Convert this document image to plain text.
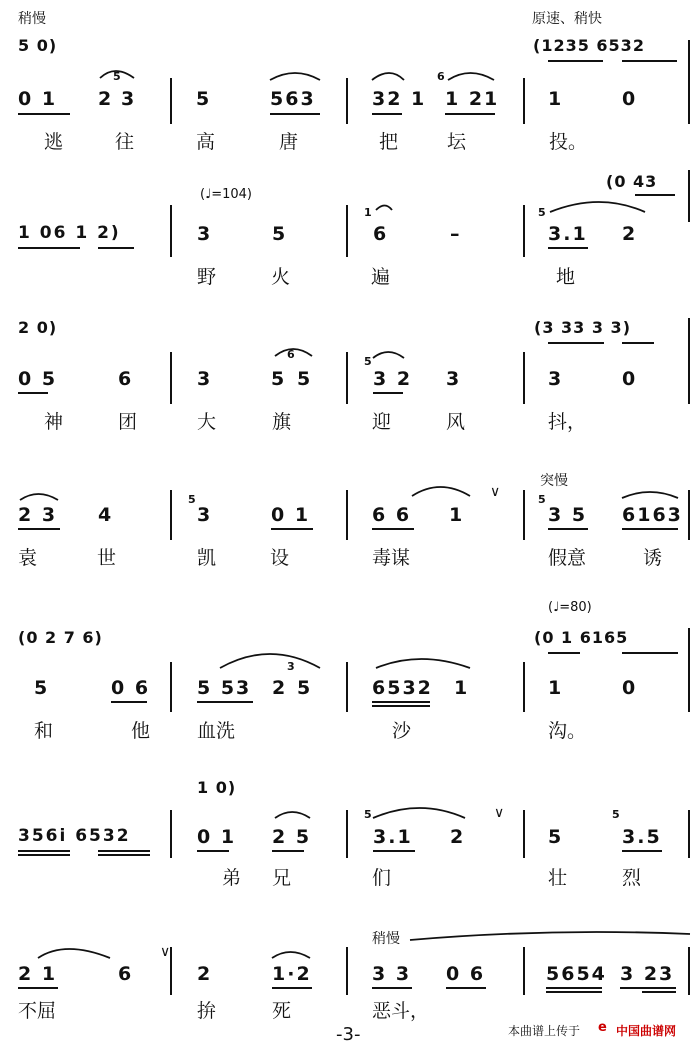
稍慢	原速、稍快
5 0)	(1235 6532
5	6
0 1 2 3	5	563	32 1 1 21	1	0
逃	往	高	唐	把	坛	投。
(♩=104)
(0 43
1	5
1 06 1 2)	3	5	6	–	3.1 2
野	火	遍	地
2 0)	(3 33 3 3)
6
5
0 5	6	3	5 5	3 2 3	3	0
神	团	大	旗	迎	风	抖，
突慢
5	5
2 3 4	3	0 1	6 6 1	3 5 6163
袁	世	凯	设	毒谋	假意	诱
∨
(♩=80)
(0 2 7 6)	(0 1 6165
3
5	0 6 5 53 2 5	6532 1	1	0
和	他 血洗	沙	沟。
1 0)
5	5
356i 6532	0 1 2 5	3.1 2	5	3.5
弟 兄	们	壮	烈
∨
稍慢
2 1	6	2	1·2	3 3 0 6	5654 3 23
不屈	拚	死	恶斗，
∨
-3-	本曲谱上传于 e 中国曲谱网
